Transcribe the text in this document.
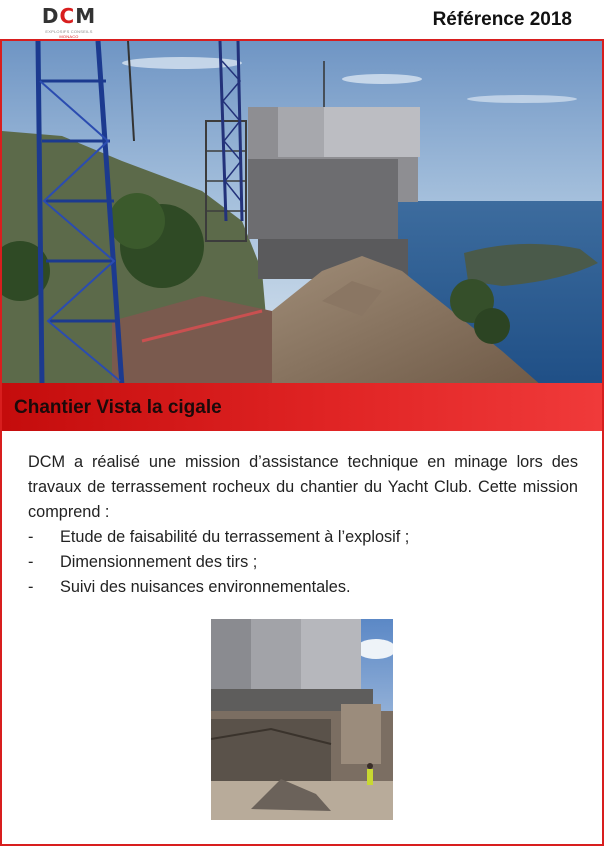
DCM
EXPLOSIFS CONSEILS MONACO
Référence 2018
Chantier Vista la cigale

DCM a réalisé une mission d’assistance technique en minage lors des travaux de terrassement rocheux du chantier du Yacht Club. Cette mission comprend :

- Etude de faisabilité du terrassement à l’explosif ;
- Dimensionnement des tirs ;
- Suivi des nuisances environnementales.
